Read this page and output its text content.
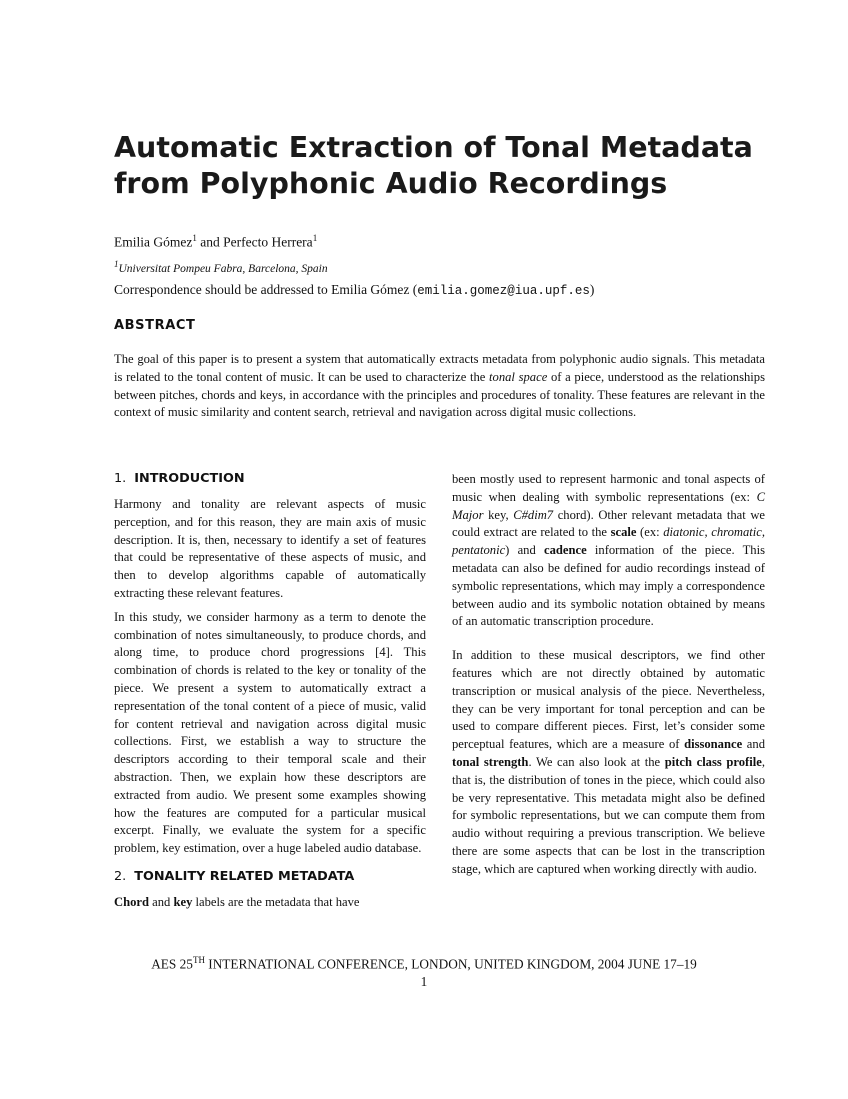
Automatic Extraction of Tonal Metadata
from Polyphonic Audio Recordings
Emilia Gómez$^1$ and Perfecto Herrera$^1$
$^1$Universitat Pompeu Fabra, Barcelona, Spain
Correspondence should be addressed to Emilia Gómez (emilia.gomez@iua.upf.es)
ABSTRACT

The goal of this paper is to present a system that automatically extracts metadata from polyphonic audio signals. This metadata is related to the tonal content of music. It can be used to characterize the tonal space of a piece, understood as the relationships between pitches, chords and keys, in accordance with the principles and procedures of tonality. These features are relevant in the context of music similarity and content search, retrieval and navigation across digital music collections.

1. INTRODUCTION

Harmony and tonality are relevant aspects of music perception, and for this reason, they are main axis of music description. It is, then, necessary to identify a set of features that could be representative of these aspects of music, and then to develop algorithms capable of automatically extracting these relevant features.

In this study, we consider harmony as a term to denote the combination of notes simultaneously, to produce chords, and along time, to produce chord progressions [4]. This combination of chords is related to the key or tonality of the piece. We present a system to automatically extract a representation of the tonal content of a piece of music, valid for content retrieval and navigation across digital music collections. First, we establish a way to structure the descriptors according to their temporal scale and their abstraction. Then, we explain how these descriptors are extracted from audio. We present some examples showing how the features are computed for a particular musical excerpt. Finally, we evaluate the system for a specific problem, key estimation, over a huge labeled audio database.

2. TONALITY RELATED METADATA

Chord and key labels are the metadata that have

been mostly used to represent harmonic and tonal aspects of music when dealing with symbolic representations (ex: C Major key, C#dim7 chord). Other relevant metadata that we could extract are related to the scale (ex: diatonic, chromatic, pentatonic) and cadence information of the piece. This metadata can also be defined for audio recordings instead of symbolic representations, which may imply a correspondence between audio and its symbolic notation obtained by means of an automatic transcription procedure.

In addition to these musical descriptors, we find other features which are not directly obtained by automatic transcription or musical analysis of the piece. Nevertheless, they can be very important for tonal perception and can be used to compare different pieces. First, let’s consider some perceptual features, which are a measure of dissonance and tonal strength. We can also look at the pitch class profile, that is, the distribution of tones in the piece, which could also be very representative. This metadata might also be defined for symbolic representations, but we can compute them from audio without requiring a previous transcription. We believe there are some aspects that can be lost in the transcription stage, which are captured when working directly with audio.

AES 25TH INTERNATIONAL CONFERENCE, LONDON, UNITED KINGDOM, 2004 JUNE 17–19
1
